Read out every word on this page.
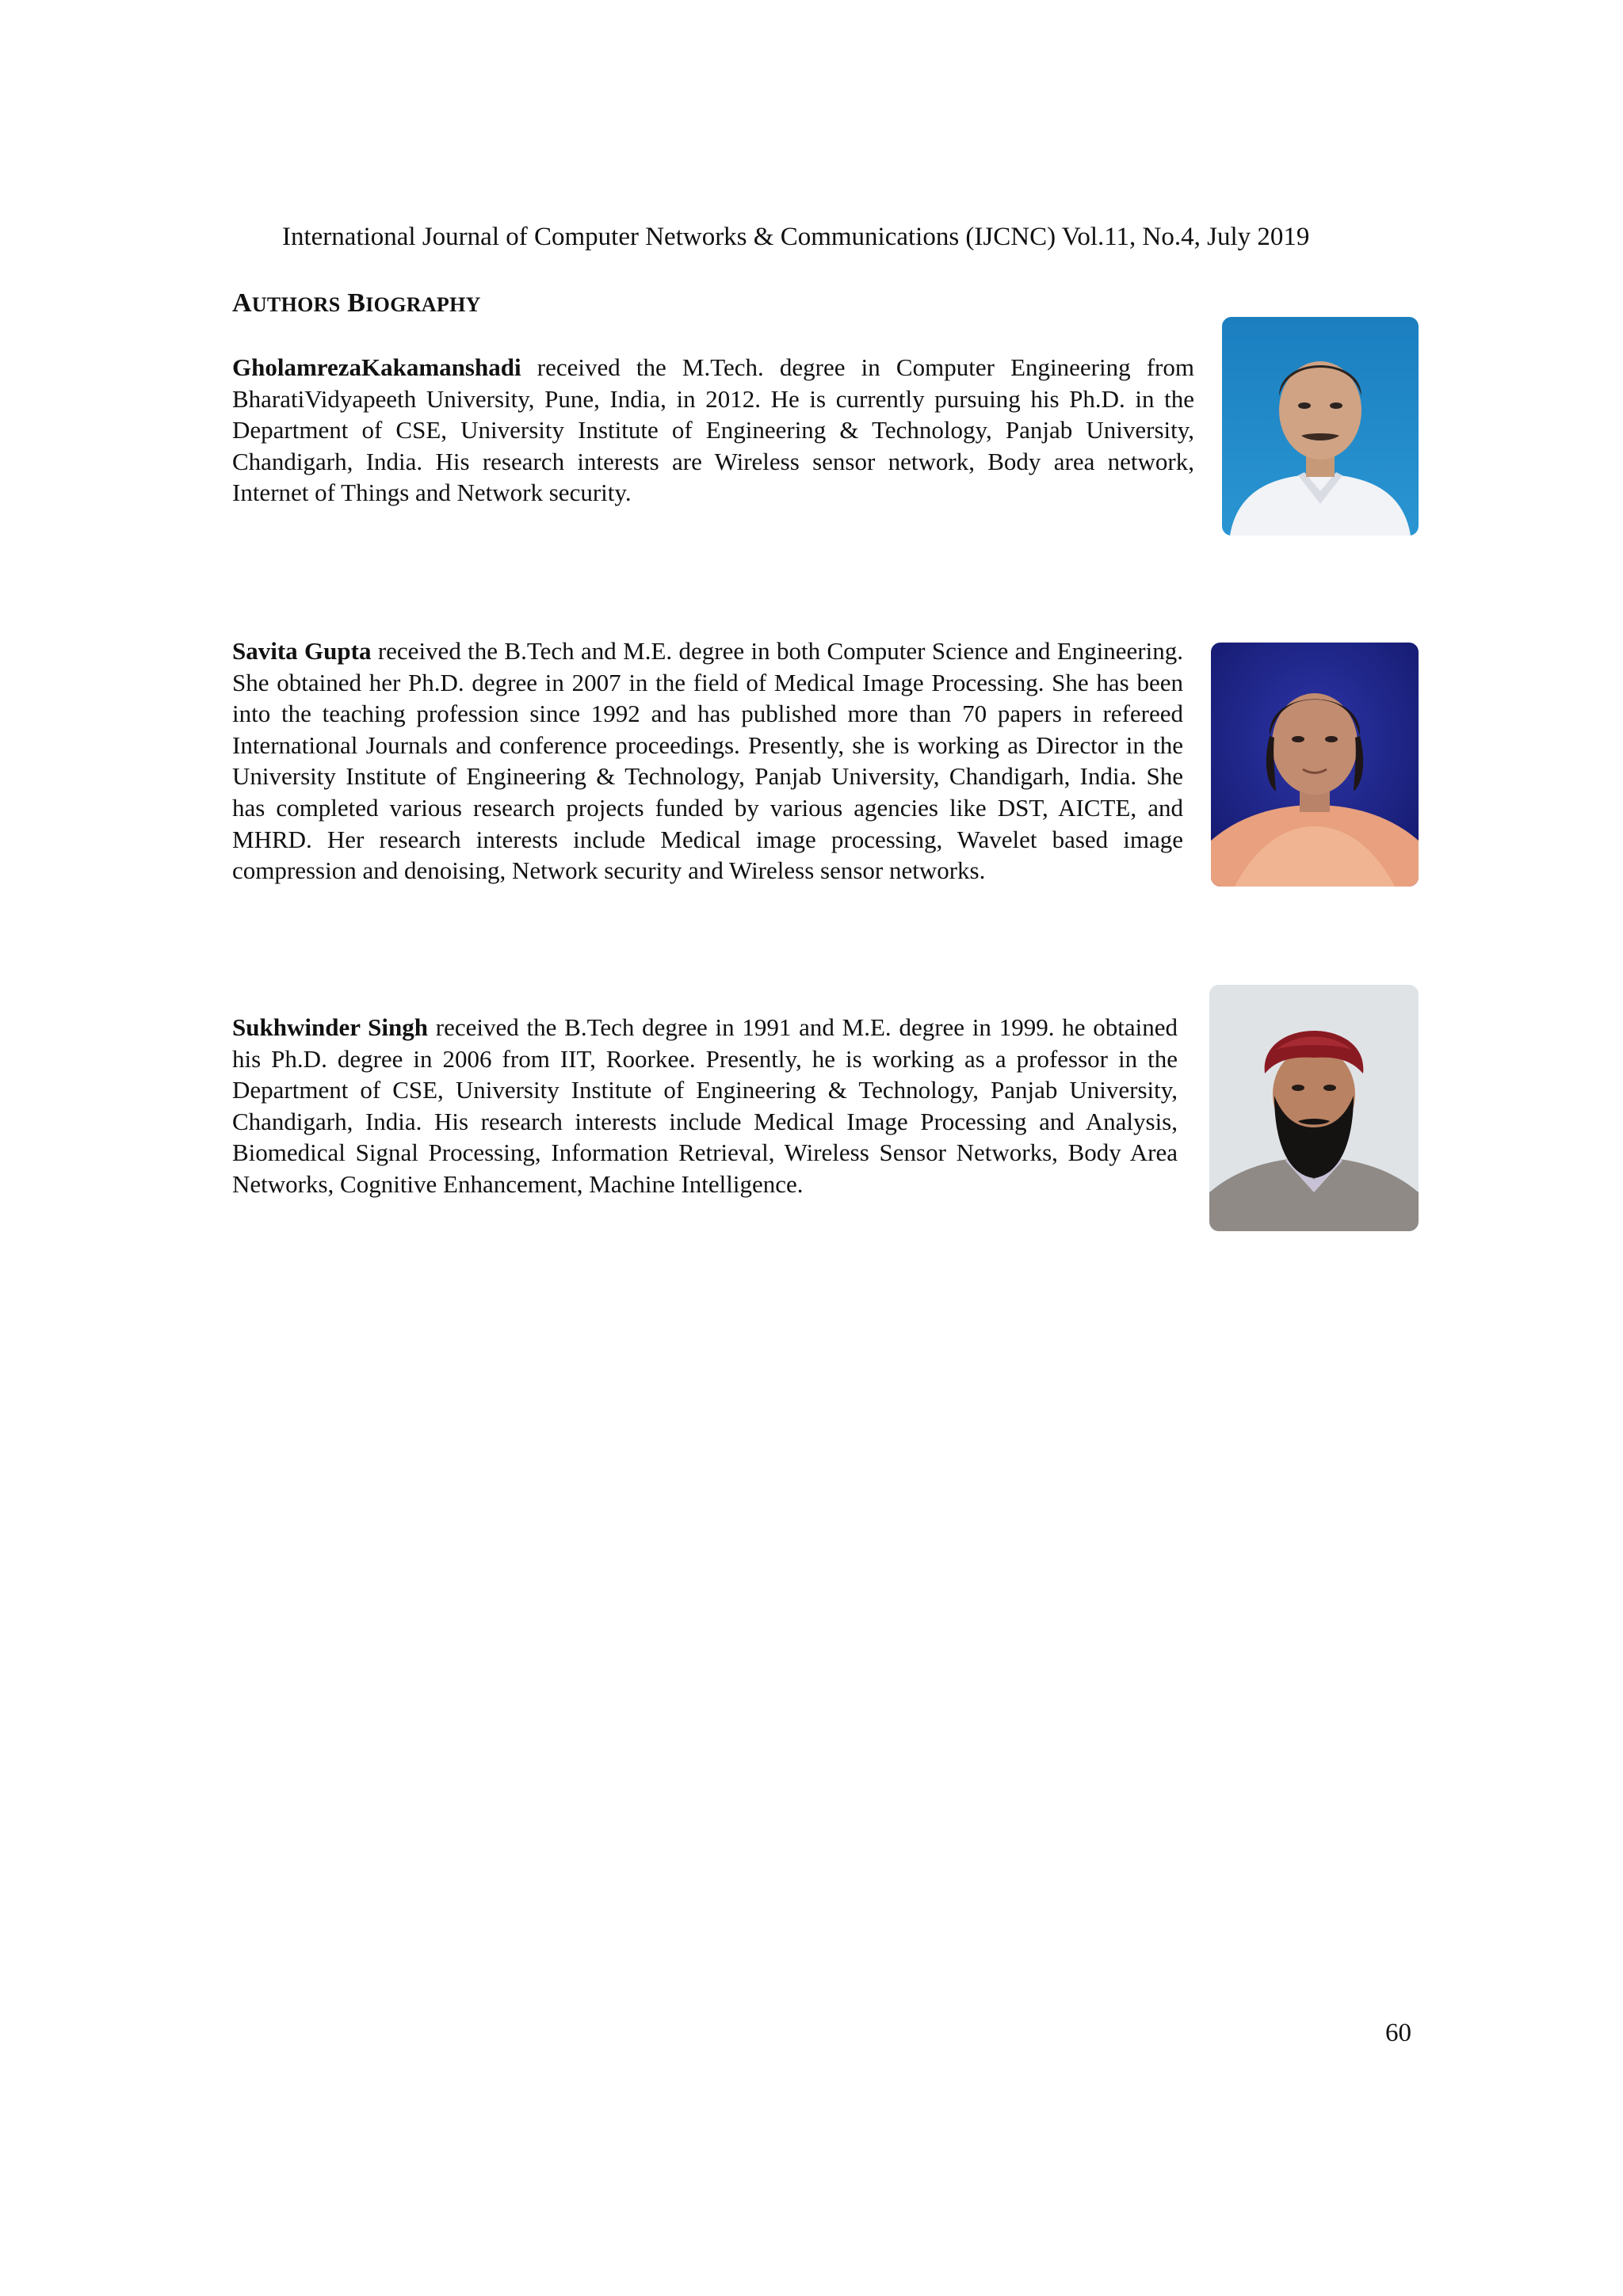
International Journal of Computer Networks & Communications (IJCNC) Vol.11, No.4, July 2019
AUTHORS BIOGRAPHY
GholamrezaKakamanshadi received the M.Tech. degree in Computer Engineering from BharatiVidyapeeth University, Pune, India, in 2012. He is currently pursuing his Ph.D. in the Department of CSE, University Institute of Engineering & Technology, Panjab University, Chandigarh, India. His research interests are Wireless sensor network, Body area network, Internet of Things and Network security.
Savita Gupta received the B.Tech and M.E. degree in both Computer Science and Engineering. She obtained her Ph.D. degree in 2007 in the field of Medical Image Processing. She has been into the teaching profession since 1992 and has published more than 70 papers in refereed International Journals and conference proceedings. Presently, she is working as Director in the University Institute of Engineering & Technology, Panjab University, Chandigarh, India. She has completed various research projects funded by various agencies like DST, AICTE, and MHRD. Her research interests include Medical image processing, Wavelet based image compression and denoising, Network security and Wireless sensor networks.
Sukhwinder Singh received the B.Tech degree in 1991 and M.E. degree in 1999. he obtained his Ph.D. degree in 2006 from IIT, Roorkee. Presently, he is working as a professor in the Department of CSE, University Institute of Engineering & Technology, Panjab University, Chandigarh, India. His research interests include Medical Image Processing and Analysis, Biomedical Signal Processing, Information Retrieval, Wireless Sensor Networks, Body Area Networks, Cognitive Enhancement, Machine Intelligence.
60
